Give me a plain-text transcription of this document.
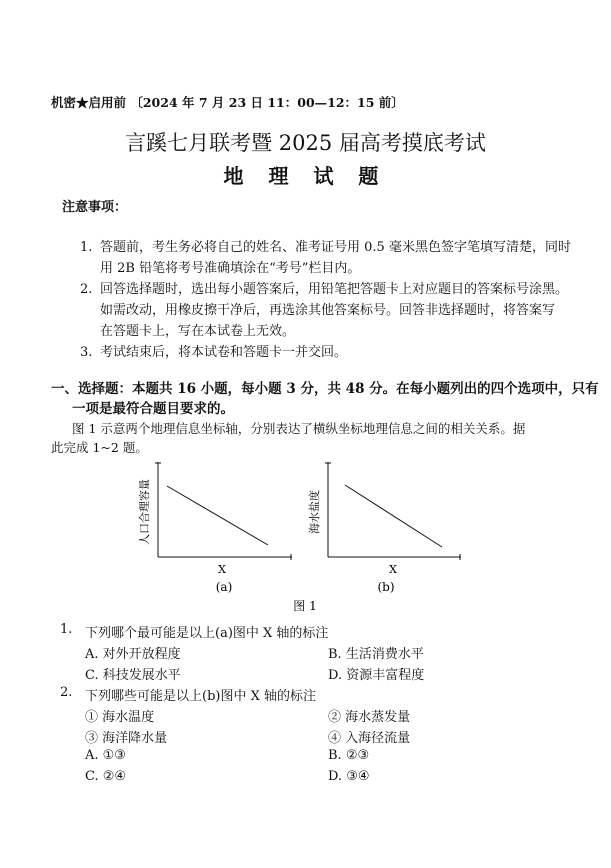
机密★启用前 〔2024 年 7 月 23 日 11：00—12：15 前〕
言蹊七月联考暨 2025 届高考摸底考试
地 理 试 题
注意事项：
1. 答题前，考生务必将自己的姓名、准考证号用 0.5 毫米黑色签字笔填写清楚，同时
用 2B 铅笔将考号准确填涂在“考号”栏目内。
2. 回答选择题时，选出每小题答案后，用铅笔把答题卡上对应题目的答案标号涂黑。
如需改动，用橡皮擦干净后，再选涂其他答案标号。回答非选择题时，将答案写
在答题卡上，写在本试卷上无效。
3. 考试结束后，将本试卷和答题卡一并交回。
一、选择题：本题共 16 小题，每小题 3 分，共 48 分。在每小题列出的四个选项中，只有
一项是最符合题目要求的。
图 1 示意两个地理信息坐标轴，分别表达了横纵坐标地理信息之间的相关关系。据
此完成 1~2 题。
人口合理容量
X
(a)
海水盐度
X
(b)
图 1
1. 下列哪个最可能是以上(a)图中 X 轴的标注
A. 对外开放程度	B. 生活消费水平
C. 科技发展水平	D. 资源丰富程度
2. 下列哪些可能是以上(b)图中 X 轴的标注
① 海水温度	② 海水蒸发量
③ 海洋降水量	④ 入海径流量
A. ①③	B. ②③
C. ②④	D. ③④
